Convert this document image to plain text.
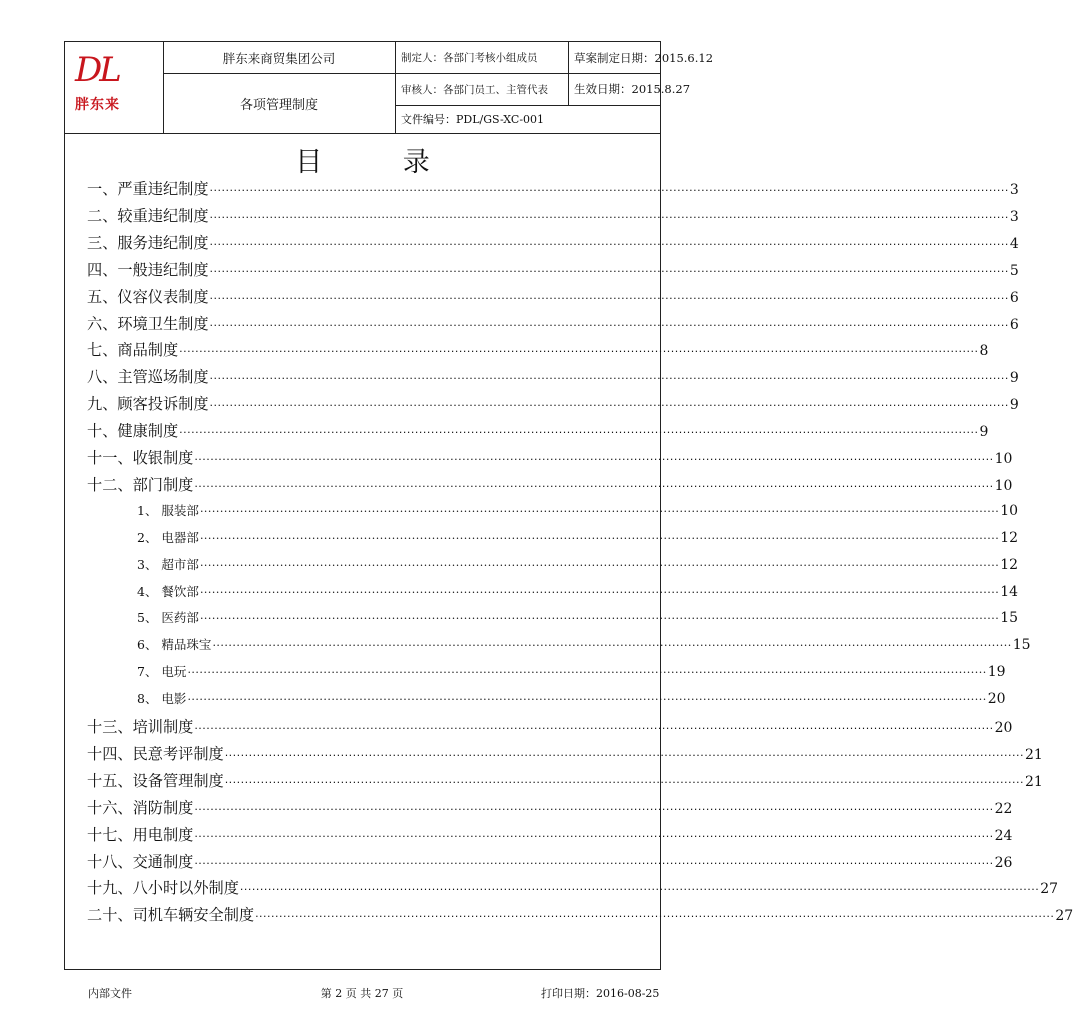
DL
胖东来
胖东来商贸集团公司
各项管理制度
制定人：各部门考核小组成员
审核人：各部门员工、主管代表
文件编号：PDL/GS-XC-001
草案制定日期：2015.6.12
生效日期：2015.8.27
目 录
一、严重违纪制度 ········································································································································································································ 3
二、较重违纪制度 ········································································································································································································ 3
三、服务违纪制度 ········································································································································································································ 4
四、一般违纪制度 ········································································································································································································ 5
五、仪容仪表制度 ········································································································································································································ 6
六、环境卫生制度 ········································································································································································································ 6
七、商品制度 ········································································································································································································ 8
八、主管巡场制度 ········································································································································································································ 9
九、顾客投诉制度 ········································································································································································································ 9
十、健康制度 ········································································································································································································ 9
十一、收银制度 ········································································································································································································ 10
十二、部门制度 ········································································································································································································ 10
1、 服装部 ········································································································································································································ 10
2、 电器部 ········································································································································································································ 12
3、 超市部 ········································································································································································································ 12
4、 餐饮部 ········································································································································································································ 14
5、 医药部 ········································································································································································································ 15
6、 精品珠宝 ········································································································································································································ 15
7、 电玩 ········································································································································································································ 19
8、 电影 ········································································································································································································ 20
十三、培训制度 ········································································································································································································ 20
十四、民意考评制度 ········································································································································································································ 21
十五、设备管理制度 ········································································································································································································ 21
十六、消防制度 ········································································································································································································ 22
十七、用电制度 ········································································································································································································ 24
十八、交通制度 ········································································································································································································ 26
十九、八小时以外制度 ········································································································································································································ 27
二十、司机车辆安全制度 ········································································································································································································ 27
内部文件	第 2 页 共 27 页	打印日期：2016-08-25
